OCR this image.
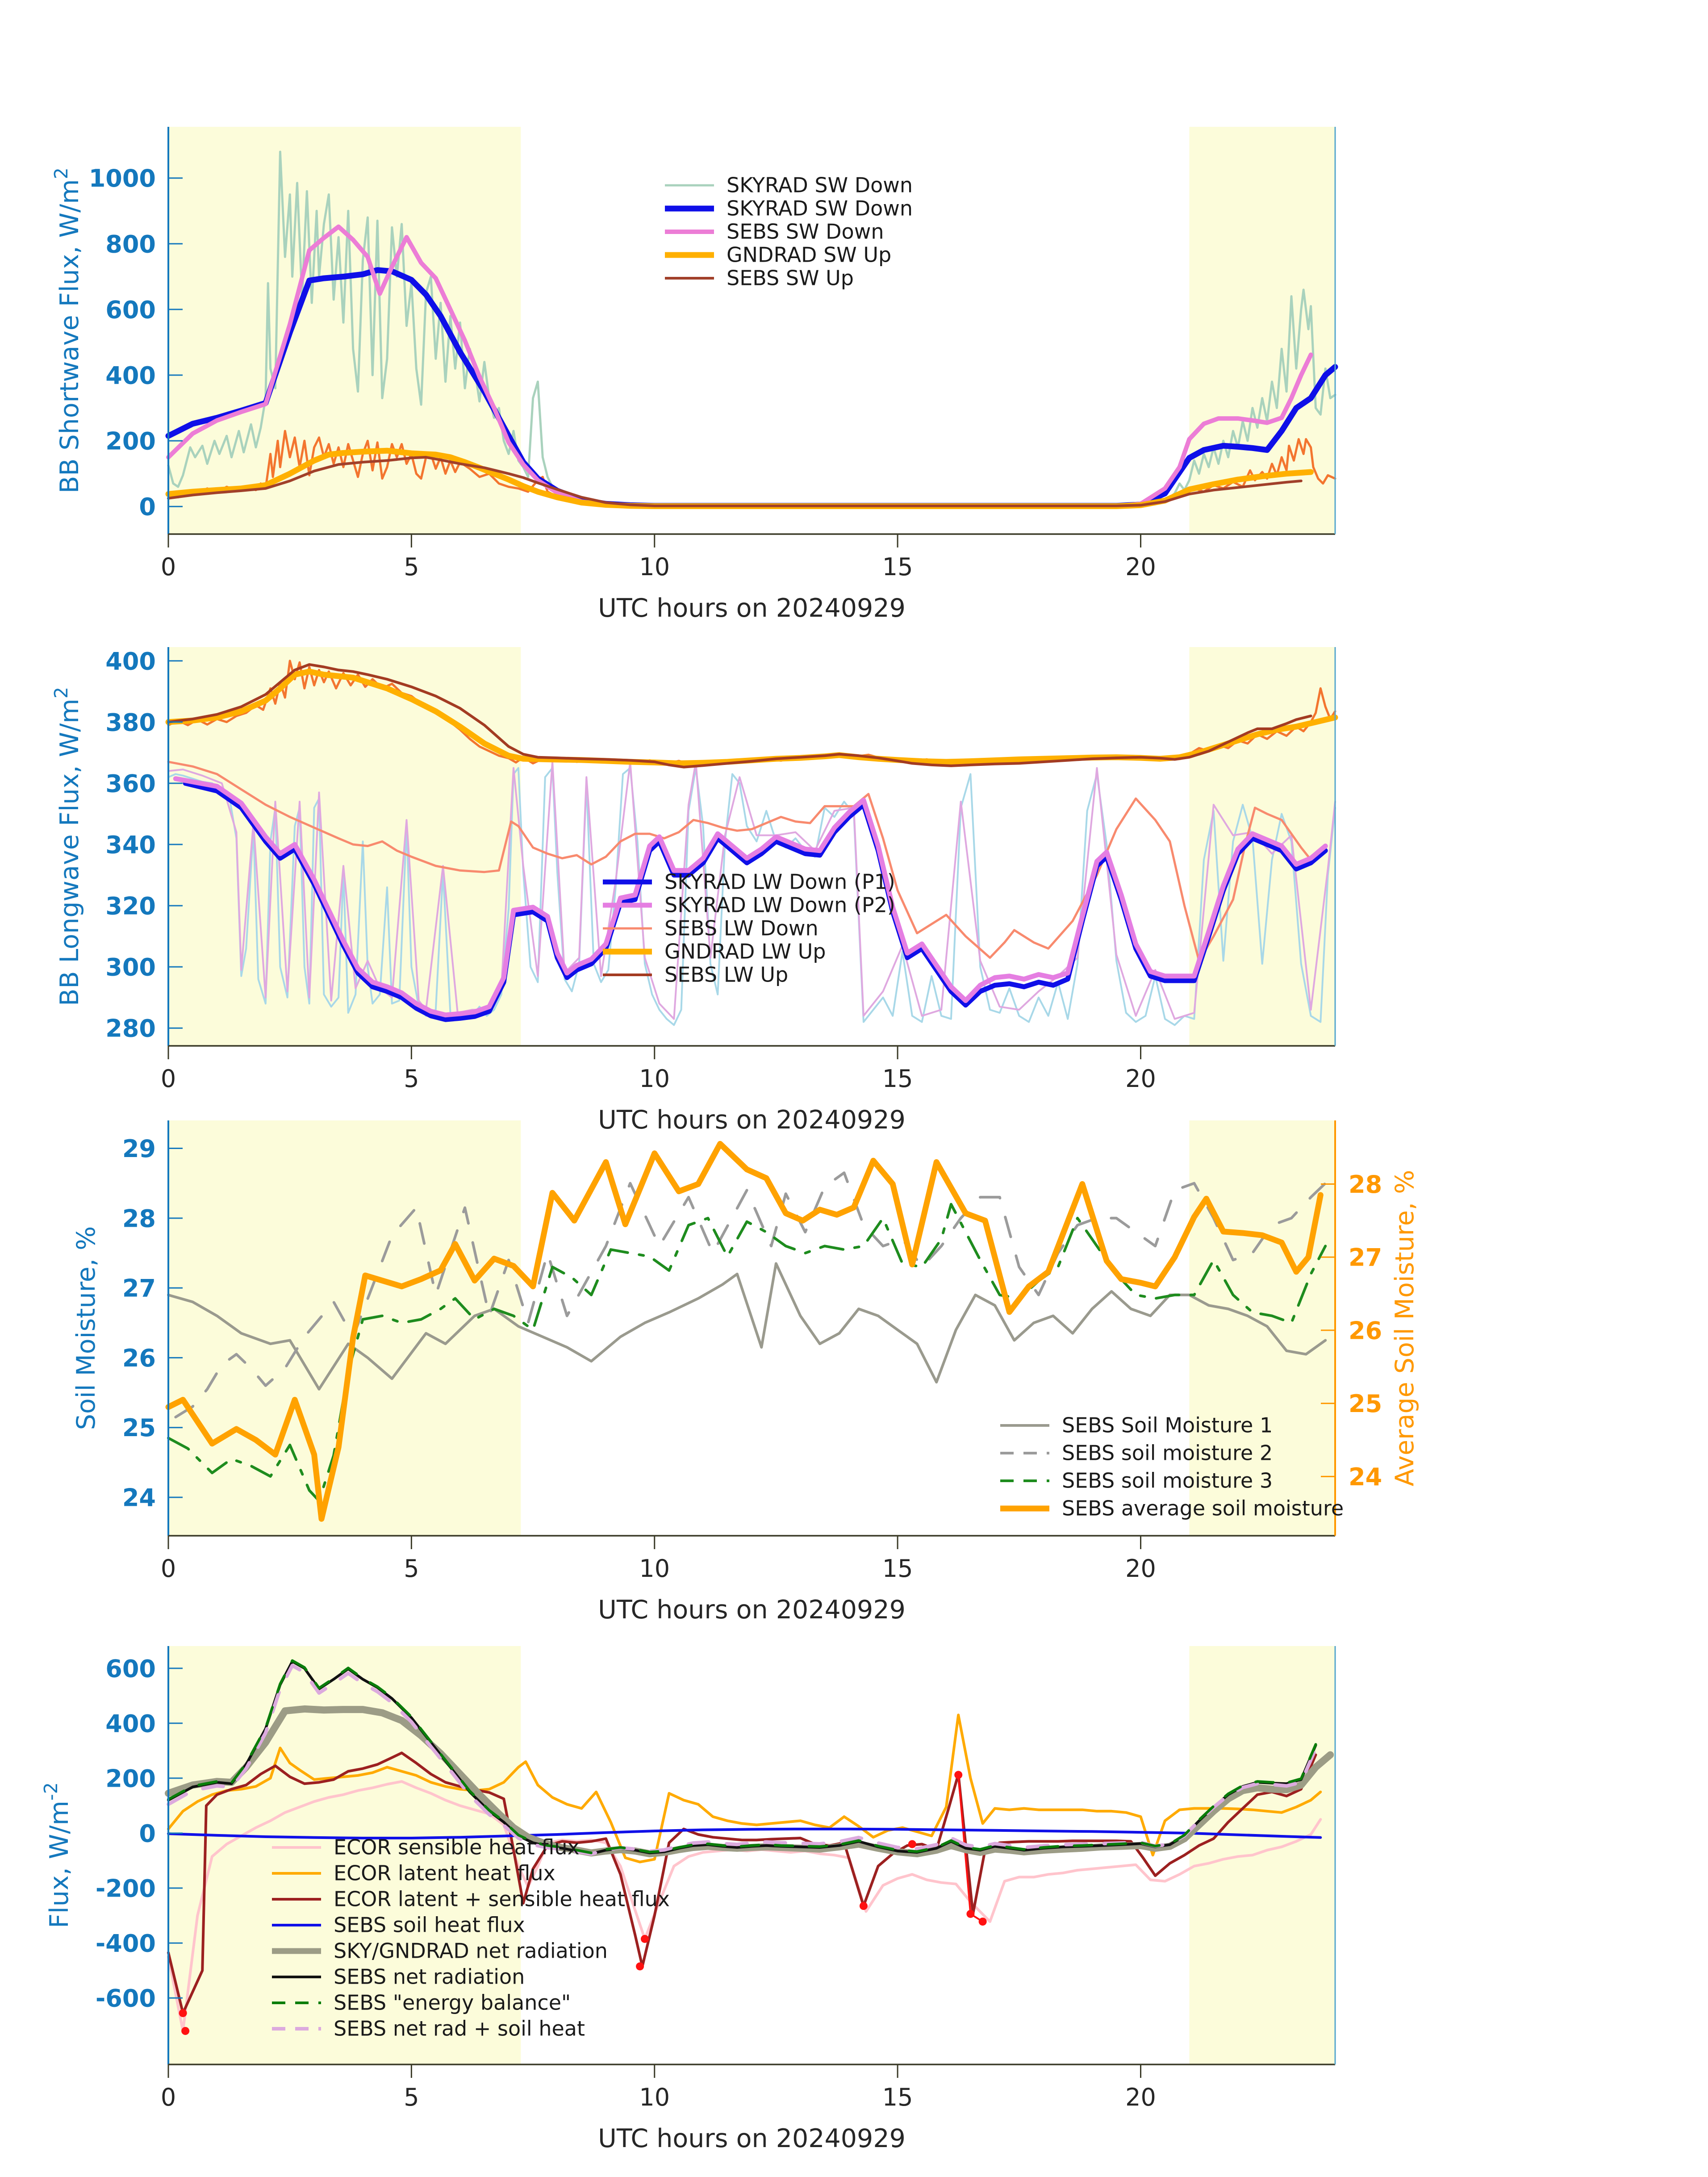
0
200
400
600
800
1000
0	5	10	15	20
UTC hours on 20240929
BB Shortwave Flux, $W/m^2$	SKYRAD SW Down
SKYRAD SW Down
SEBS SW Down
GNDRAD SW Up
SEBS SW Up
280
300
320
340
360
380
400
0	5	10	15	20
UTC hours on 20240929
BB Longwave Flux, $W/m^2$
SKYRAD LW Down (P1)
SKYRAD LW Down (P2)
SEBS LW Down
GNDRAD LW Up
SEBS LW Up
24
25
26
27
28
29
24
25
26
27
28 Average Soil Moisture, %
0	5	10	15	20
UTC hours on 20240929
Soil Moisture, %	SEBS Soil Moisture 1
SEBS soil moisture 2
SEBS soil moisture 3
SEBS average soil moisture
-600
-400
-200
0
200
400
600
0	5	10	15	20
UTC hours on 20240929
Flux, $W/m^{-2}$
ECOR sensible heat flux
ECOR latent heat flux
ECOR latent + sensible heat flux
SEBS soil heat flux
SKY/GNDRAD net radiation
SEBS net radiation
SEBS "energy balance"
SEBS net rad + soil heat
